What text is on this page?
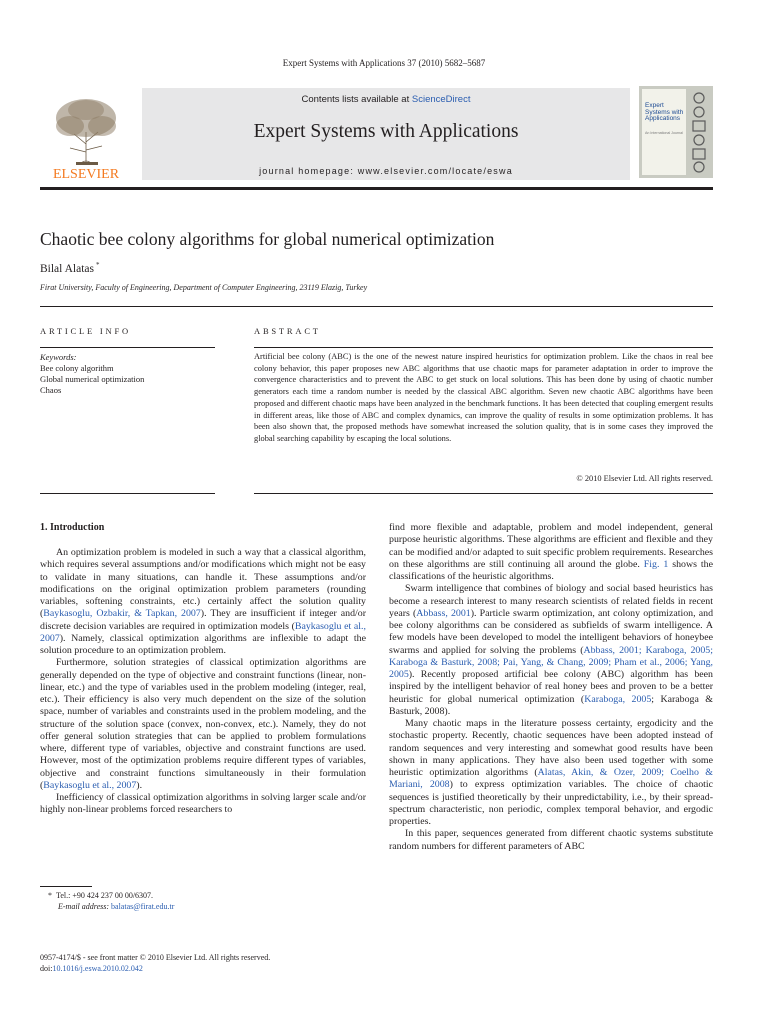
Expert Systems with Applications 37 (2010) 5682–5687
ELSEVIER
Contents lists available at ScienceDirect
Expert Systems with Applications
journal homepage: www.elsevier.com/locate/eswa
Expert Systems with Applications
An International Journal
Chaotic bee colony algorithms for global numerical optimization
Bilal Alatas *
Firat University, Faculty of Engineering, Department of Computer Engineering, 23119 Elazig, Turkey
ARTICLE INFO
Keywords:
Bee colony algorithm
Global numerical optimization
Chaos
ABSTRACT
Artificial bee colony (ABC) is the one of the newest nature inspired heuristics for optimization problem. Like the chaos in real bee colony behavior, this paper proposes new ABC algorithms that use chaotic maps for parameter adaptation in order to improve the convergence characteristics and to prevent the ABC to get stuck on local solutions. This has been done by using of chaotic number generators each time a random number is needed by the classical ABC algorithm. Seven new chaotic ABC algorithms have been proposed and different chaotic maps have been analyzed in the benchmark functions. It has been detected that coupling emergent results in different areas, like those of ABC and complex dynamics, can improve the quality of results in some optimization problems. It has been also shown that, the proposed methods have somewhat increased the solution quality, that is in some cases they improved the global searching capability by escaping the local solutions.
© 2010 Elsevier Ltd. All rights reserved.
1. Introduction

An optimization problem is modeled in such a way that a classical algorithm, which requires several assumptions and/or modifications which might not be easy to validate in many situations, can handle it. These assumptions and/or modifications on the original optimization problem parameters (rounding variables, softening constraints, etc.) certainly affect the solution quality (Baykasoglu, Ozbakir, & Tapkan, 2007). They are insufficient if integer and/or discrete decision variables are required in optimization models (Baykasoglu et al., 2007). Namely, classical optimization algorithms are inflexible to adapt the solution procedure to an optimization problem.

Furthermore, solution strategies of classical optimization algorithms are generally depended on the type of objective and constraint functions (linear, non-linear, etc.) and the type of variables used in the problem modeling (integer, real, etc.). Their efficiency is also very much dependent on the size of the solution space, number of variables and constraints used in the problem modeling, and the structure of the solution space (convex, non-convex, etc.). Namely, they do not offer general solution strategies that can be applied to problem formulations where, different type of variables, objective and constraint functions are used. However, most of the optimization problems require different types of variables, objective and constraint functions simultaneously in their formulation (Baykasoglu et al., 2007).

Inefficiency of classical optimization algorithms in solving larger scale and/or highly non-linear problems forced researchers to

find more flexible and adaptable, problem and model independent, general purpose heuristic algorithms. These algorithms are efficient and flexible and they can be modified and/or adapted to suit specific problem requirements. Researches on these algorithms are still continuing all around the globe. Fig. 1 shows the classifications of the heuristic algorithms.

Swarm intelligence that combines of biology and social based heuristics has become a research interest to many research scientists of related fields in recent years (Abbass, 2001). Particle swarm optimization, ant colony optimization, and bee colony algorithms can be considered as subfields of swarm intelligence. A few models have been developed to model the intelligent behaviors of honeybee swarms and applied for solving the problems (Abbass, 2001; Karaboga, 2005; Karaboga & Basturk, 2008; Pai, Yang, & Chang, 2009; Pham et al., 2006; Yang, 2005). Recently proposed artificial bee colony (ABC) algorithm has been inspired by the intelligent behavior of real honey bees and proven to be a better heuristic for global numerical optimization (Karaboga, 2005; Karaboga & Basturk, 2008).

Many chaotic maps in the literature possess certainty, ergodicity and the stochastic property. Recently, chaotic sequences have been adopted instead of random sequences and very interesting and somewhat good results have been shown in many applications. They have also been used together with some heuristic optimization algorithms (Alatas, Akin, & Ozer, 2009; Coelho & Mariani, 2008) to express optimization variables. The choice of chaotic sequences is justified theoretically by their unpredictability, i.e., by their spread-spectrum characteristic, non periodic, complex temporal behavior, and ergodic properties.

In this paper, sequences generated from different chaotic systems substitute random numbers for different parameters of ABC

* Tel.: +90 424 237 00 00/6307.
E-mail address: balatas@firat.edu.tr
0957-4174/$ - see front matter © 2010 Elsevier Ltd. All rights reserved.
doi:10.1016/j.eswa.2010.02.042
